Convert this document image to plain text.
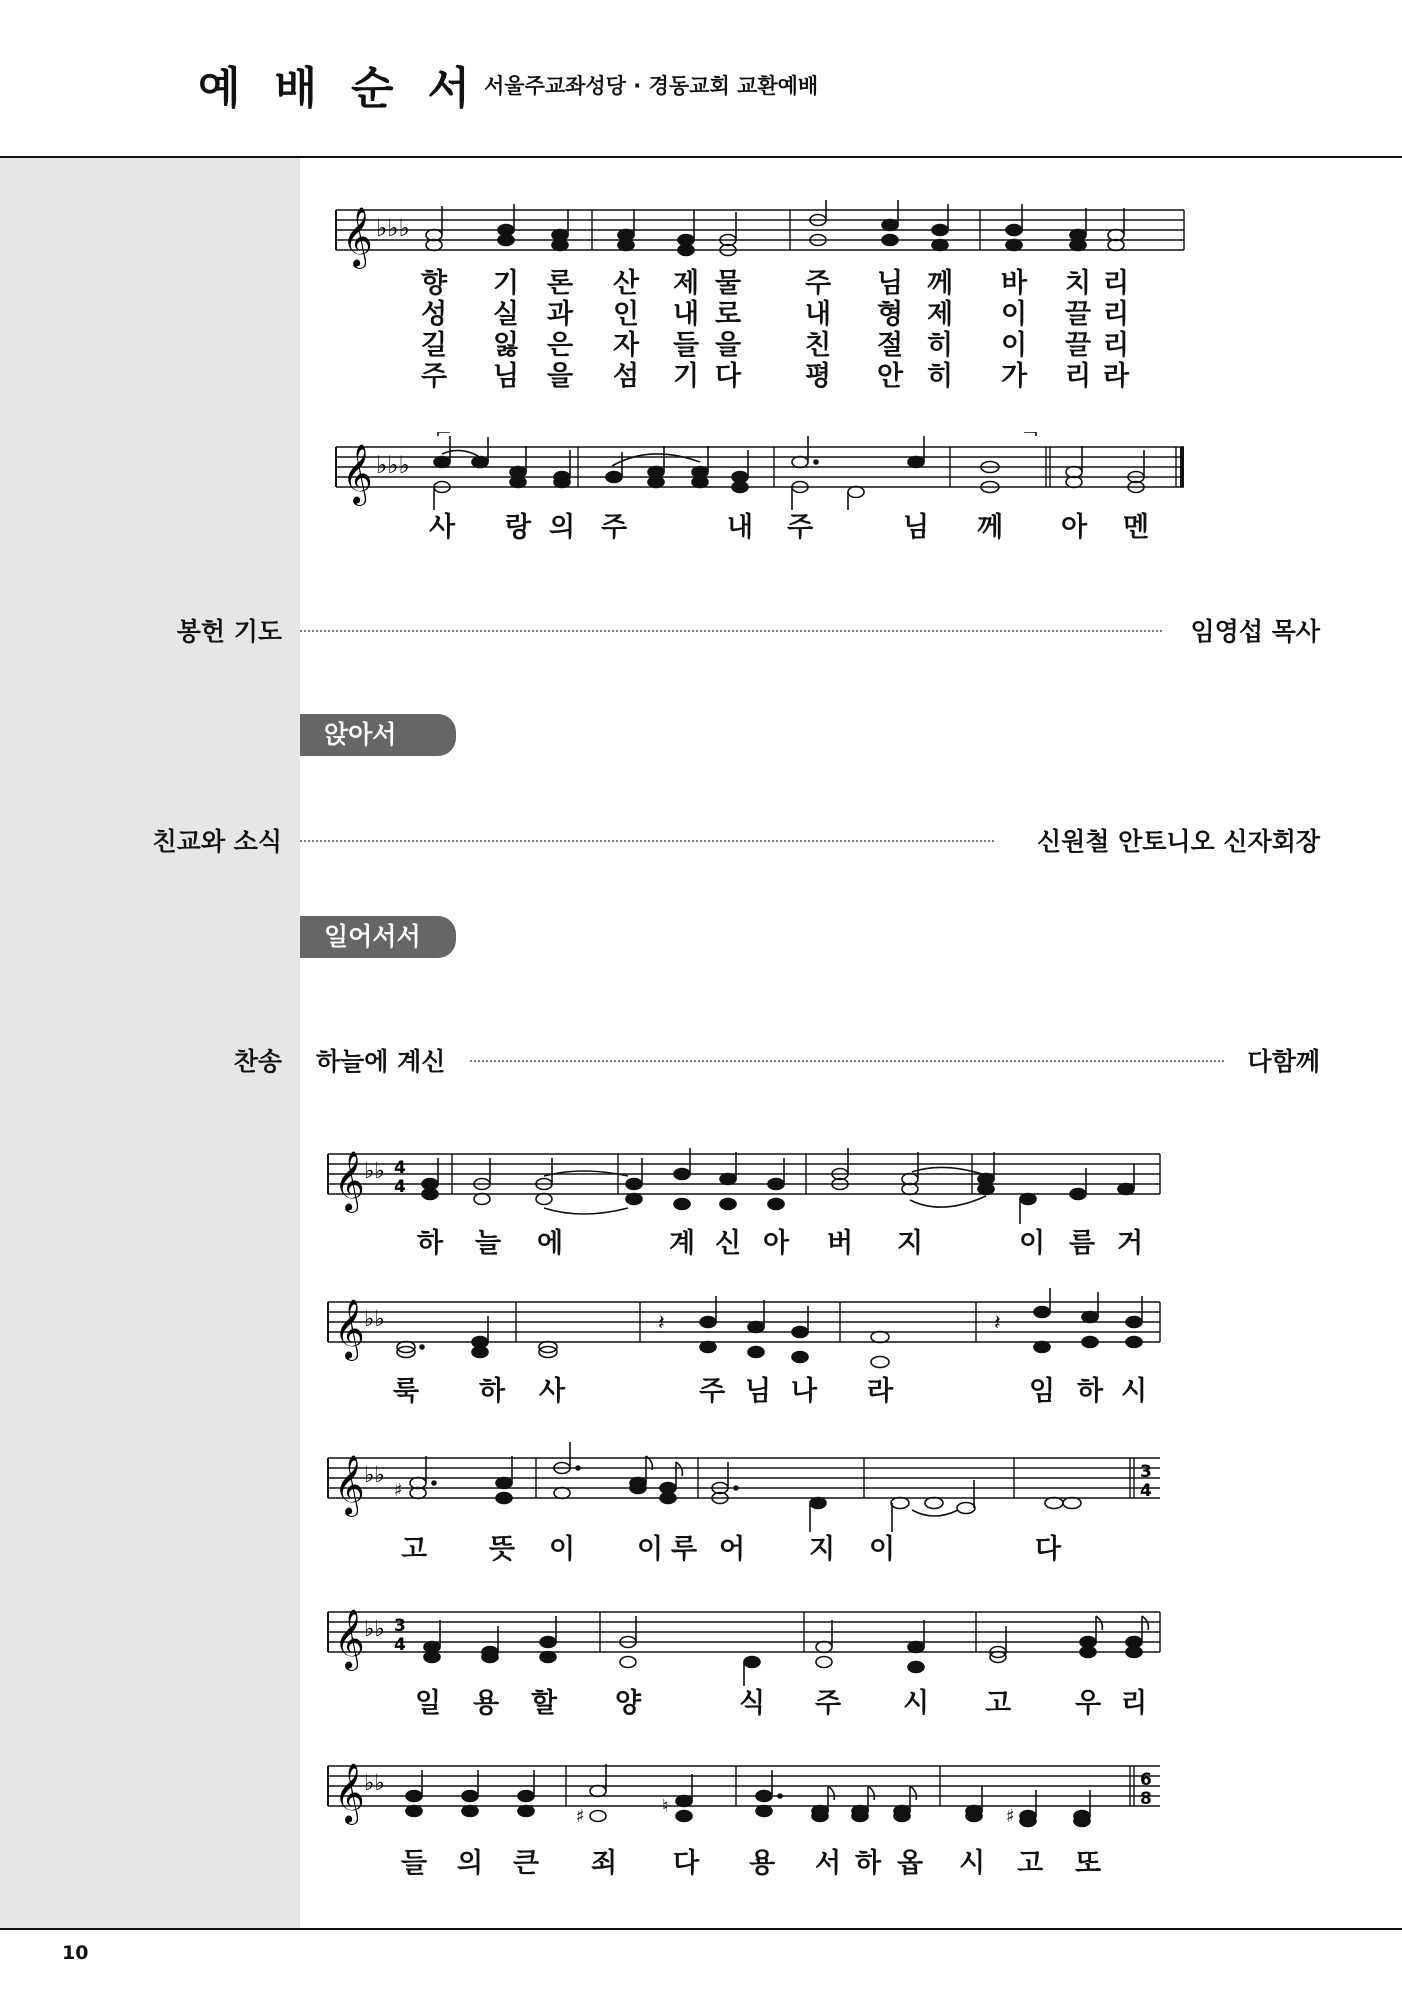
예배순서
서울주교좌성당 · 경동교회 교환예배
𝄞 ♭♭♭
향 기 론 산 제 물 주 님 께 바 치 리
성 실 과 인 내 로 내 형 제 이 끌 리
길 잃 은 자 들 을 친 절 히 이 끌 리
주 님 을 섬 기 다 평 안 히 가 리 라
𝄞 ♭♭♭
사 랑 의 주	내 주	님 께 아 멘
봉헌 기도	임영섭 목사
앉아서
친교와 소식	신원철 안토니오 신자회장
일어서서
찬송 하늘에 계신	다함께
𝄞 ♭♭ 4
4
하 늘 에	계 신 아 버 지	이 름 거
𝄞 ♭♭	𝄽	𝄽
룩 하 사	주 님 나 라	임 하 시
𝄞 ♭♭	3
4
♯
고 뜻 이 이 루 어 지 이	다
𝄞 ♭♭ 3
4
일 용 할 양	식 주 시 고 우 리
𝄞 ♭♭	6
8
♯	♮	♯
들 의 큰 죄 다 용 서 하 옵 시 고 또
10
